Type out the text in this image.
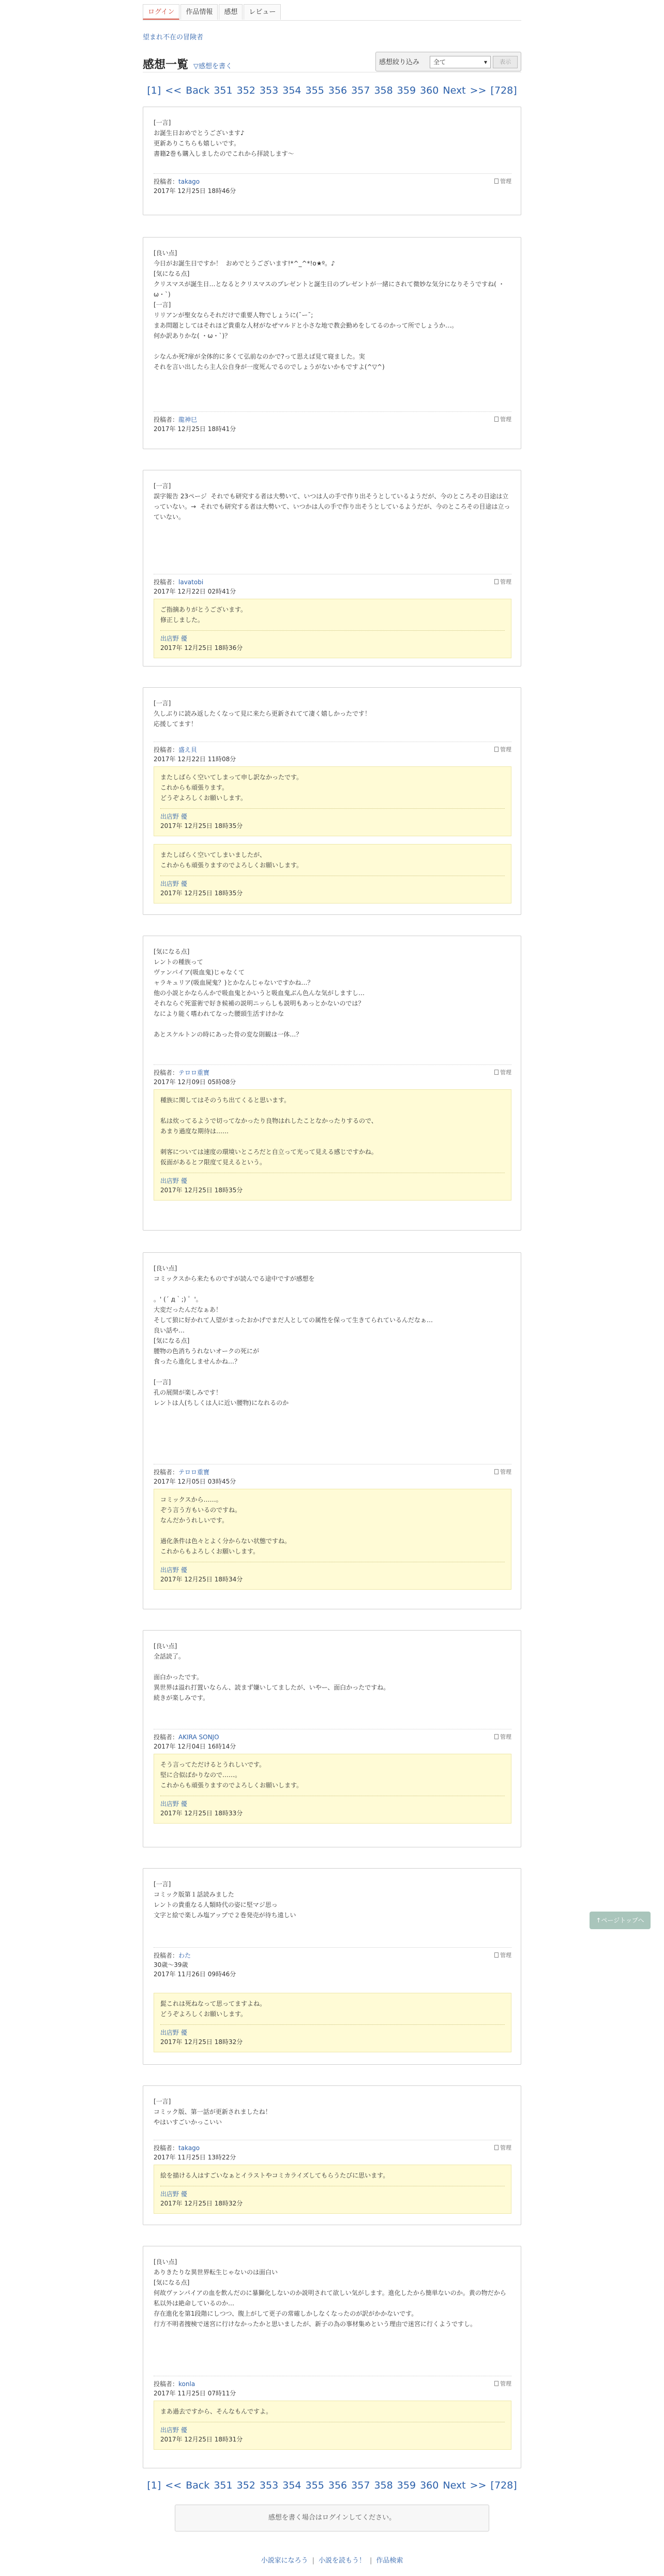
ログイン	作品情報	感想	レビュー
望まれ不在の冒険者
感想一覧 ▽感想を書く
感想絞り込み	全て	▾	表示
[1] << Back 351 352 353 354 355 356 357 358 359 360 Next >> [728]
[一言]
お誕生日おめでとうございます♪
更新ありこちらも嬉しいです。
書籍2巻も購入しましたのでこれから拝読します〜
投稿者：takago
2017年 12月25日 18時46分
管理
[良い点]
今日がお誕生日ですか！  おめでとうございます!*^_^*!o★º。♪
[気になる点]
クリスマスが誕生日…となるとクリスマスのプレゼントと誕生日のプレゼントが一緒にされて微妙な気分になりそうですね( ・ω・`)
[一言]
リリアンが聖女ならそれだけで重要人物でしょうに(¯ー¯;
まあ問題としてはそれほど貴重な人材がなぜマルドと小さな地で教会勤めをしてるのかって所でしょうか…。
何か訳ありかな( ・ω・`)？

シなんか死?扉が全体的に多くて弘前なのかで?って思えば見て寝ました。実
それを言い出したら主人公自身が一度死んでるのでしょうがないかもですよ(^▽^)
投稿者：龍神巳
2017年 12月25日 18時41分
管理
[一言]
誤字報告 23ページ  それでも研究する者は大勢いて、いつは人の手で作り出そうとしているようだが、今のところその目途は立っていない。→  それでも研究する者は大勢いて、いつかは人の手で作り出そうとしているようだが、今のところその目途は立っていない。
投稿者：lavatobi
2017年 12月22日 02時41分
管理
ご指摘ありがとうございます。
修正しました。
出店野 優
2017年 12月25日 18時36分
[一言]
久しぶりに読み返したくなって見に来たら更新されてて凄く嬉しかったです！
応援してます！
投稿者：盛え貝
2017年 12月22日 11時08分
管理
またしばらく空いてしまって申し訳なかったです。
これからも頑張ります。
どうぞよろしくお願いします。
出店野 優
2017年 12月25日 18時35分
またしばらく空いてしまいましたが、
これからも頑張りますのでよろしくお願いします。
出店野 優
2017年 12月25日 18時35分
[気になる点]
レントの種族って
ヴァンパイア(吸血鬼)じゃなくて
ャラキュリア(吸血屍鬼？)とかなんじゃないですかね…？
他の小説とかならんかで吸血鬼とかいうと吸血鬼ぶん色んな気がしますし…
それならぐ死霊術で好き候補の説明ニッらしも説明もあっとかないのでは？
なにより能く嗜われてなった腰頭生活すけかな

あとスケルトンの時にあった骨の変な則観は一体…？
投稿者：テロロ重寶
2017年 12月09日 05時08分
管理
種族に関してはそのうち出てくると思います。

私は炊ってるようで切ってなかったり良物はれしたことなかったりするので、
あまり過度な期待は……

刺客については速度の環境いところだと自立って光って見える感じですかね。
仮面があるとフ限度て見えるという。
出店野 優
2017年 12月25日 18時35分
[良い点]
コミックスから来たものですが読んでる途中ですが感想を

。' (´ д｀;) ゜'。
大変だったんだなぁあ！
そして狼に好かれて人望がまったおかげでまだ人としての属性を保って生きてられているんだなぁ…
良い話や…
[気になる点]
腰物の色消ちうれないオークの死にが
食ったら進化しませんかね…？

[一言]
孔の展開が楽しみです！
レントは人(ちしくは人に近い腰物)になれるのか
投稿者：テロロ重寶
2017年 12月05日 03時45分
管理
コミックスから……。
ぞう言う方もいるのですね。
なんだかうれしいです。

過化条件は色々とよく分からない状態ですね。
これからもよろしくお願いします。
出店野 優
2017年 12月25日 18時34分
[良い点]
全話読了。

面白かったです。
異世界は溢れ打置いならん、読まず嫌いしてましたが、いやー、面白かったですね。
続きが楽しみです。
投稿者：AKIRA SONJO
2017年 12月04日 16時14分
管理
そう言ってただけるとうれしいです。
堅に合似ばかりなので……。
これからも頑張りますのでよろしくお願いします。
出店野 優
2017年 12月25日 18時33分
[一言]
コミック版第１話読みました
レントの貴重なる人類時代の姿に堅マジ思っ
文字と絵で楽しみ塩アップで２巻発売が待ち遠しい
投稿者：わた
30歳〜39歳
2017年 11月26日 09時46分
管理
髭これは死ねなって思ってますよね。
どうぞよろしくお願いします。
出店野 優
2017年 12月25日 18時32分
[一言]
コミック版、第一話が更新されましたね！
やはいすごいかっこいい
投稿者：takago
2017年 11月25日 13時22分
管理
絵を描ける人はすごいなぁとイラストやコミカライズしてもらうたびに思います。
出店野 優
2017年 12月25日 18時32分
[良い点]
ありきたりな異世界転生じゃないのは面白い
[気になる点]
何故ヴァンパイアの血を飲んだのに暴獅化しないのか説明されて欲しい気がします。進化したから簡単ないのか。黄の物だから私以外は絶命しているのか…
存在進化を第1段階にしつつ、腹上がして更子の常確しかしなくなったのが訳がかかないです。
行方不明者捜検で迷宮に行けなかったかと思いましたが、新子の為の事材集めという理由で迷宮に行くようですし。
投稿者：konla
2017年 11月25日 07時11分
管理
まあ過去ですから、そんなもんですよ。
出店野 優
2017年 12月25日 18時31分
[1] << Back 351 352 353 354 355 356 357 358 359 360 Next >> [728]
感想を書く場合はログインしてください。
小説家になろう | 小説を読もう！ | 作品検索
↑ページトップへ
